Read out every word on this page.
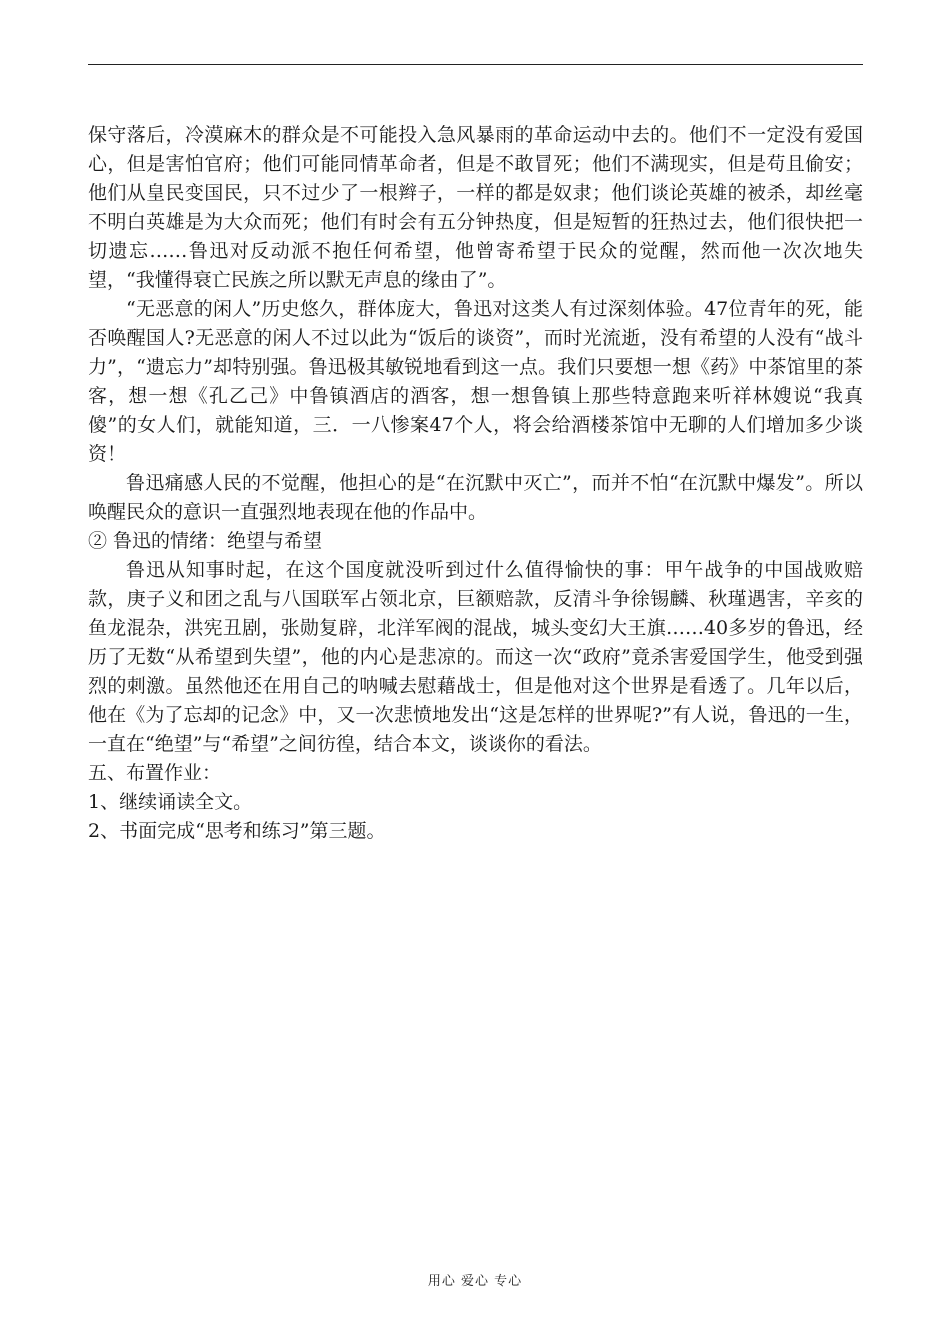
保守落后，冷漠麻木的群众是不可能投入急风暴雨的革命运动中去的。他们不一定没有爱国心，但是害怕官府；他们可能同情革命者，但是不敢冒死；他们不满现实，但是苟且偷安；他们从皇民变国民，只不过少了一根辫子，一样的都是奴隶；他们谈论英雄的被杀，却丝毫不明白英雄是为大众而死；他们有时会有五分钟热度，但是短暂的狂热过去，他们很快把一切遗忘……鲁迅对反动派不抱任何希望，他曾寄希望于民众的觉醒，然而他一次次地失望，“我懂得衰亡民族之所以默无声息的缘由了”。

“无恶意的闲人”历史悠久，群体庞大，鲁迅对这类人有过深刻体验。47位青年的死，能否唤醒国人?无恶意的闲人不过以此为“饭后的谈资”，而时光流逝，没有希望的人没有“战斗力”，“遗忘力”却特别强。鲁迅极其敏锐地看到这一点。我们只要想一想《药》中茶馆里的茶客，想一想《孔乙己》中鲁镇酒店的酒客，想一想鲁镇上那些特意跑来听祥林嫂说“我真傻”的女人们，就能知道，三．一八惨案47个人，将会给酒楼茶馆中无聊的人们增加多少谈资！

鲁迅痛感人民的不觉醒，他担心的是“在沉默中灭亡”，而并不怕“在沉默中爆发”。所以唤醒民众的意识一直强烈地表现在他的作品中。

② 鲁迅的情绪：绝望与希望

鲁迅从知事时起，在这个国度就没听到过什么值得愉快的事：甲午战争的中国战败赔款，庚子义和团之乱与八国联军占领北京，巨额赔款，反清斗争徐锡麟、秋瑾遇害，辛亥的鱼龙混杂，洪宪丑剧，张勋复辟，北洋军阀的混战，城头变幻大王旗……40多岁的鲁迅，经历了无数“从希望到失望”，他的内心是悲凉的。而这一次“政府”竟杀害爱国学生，他受到强烈的刺激。虽然他还在用自己的呐喊去慰藉战士，但是他对这个世界是看透了。几年以后，他在《为了忘却的记念》中，又一次悲愤地发出“这是怎样的世界呢?”有人说，鲁迅的一生，一直在“绝望”与“希望”之间彷徨，结合本文，谈谈你的看法。

五、布置作业：

1、继续诵读全文。

2、书面完成“思考和练习”第三题。

用心 爱心 专心
